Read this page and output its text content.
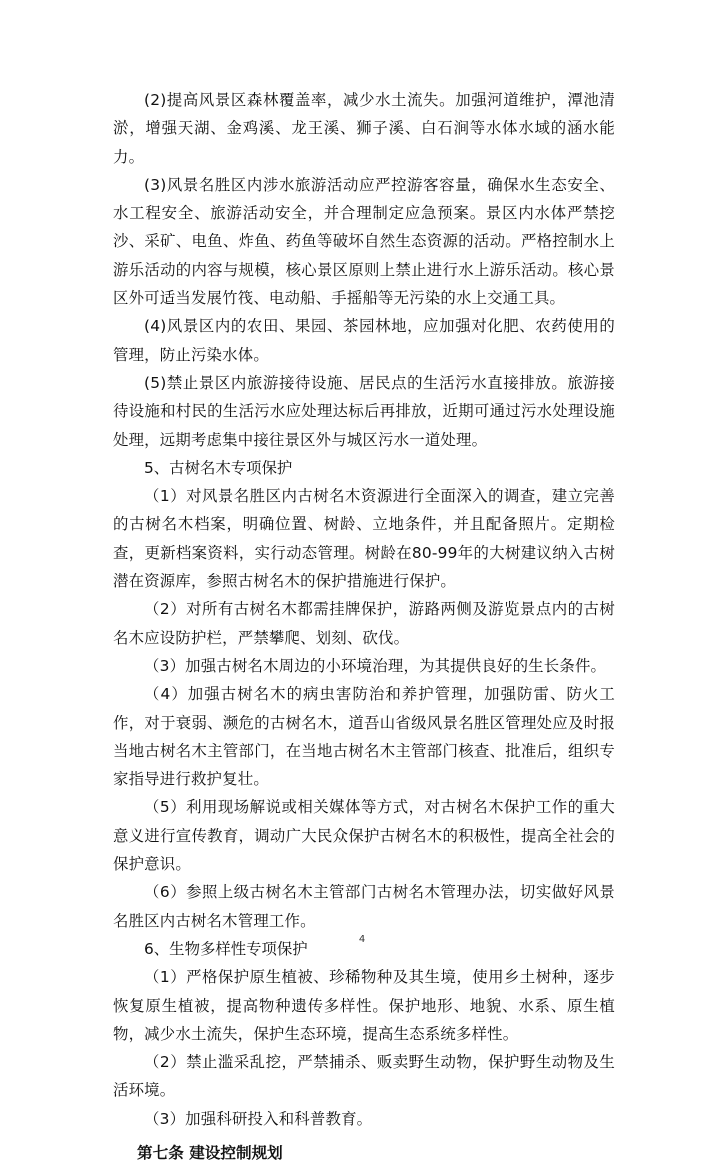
(2)提高风景区森林覆盖率，减少水土流失。加强河道维护，潭池清淤，增强天湖、金鸡溪、龙王溪、狮子溪、白石涧等水体水域的涵水能力。

(3)风景名胜区内涉水旅游活动应严控游客容量，确保水生态安全、水工程安全、旅游活动安全，并合理制定应急预案。景区内水体严禁挖沙、采矿、电鱼、炸鱼、药鱼等破坏自然生态资源的活动。严格控制水上游乐活动的内容与规模，核心景区原则上禁止进行水上游乐活动。核心景区外可适当发展竹筏、电动船、手摇船等无污染的水上交通工具。

(4)风景区内的农田、果园、茶园林地，应加强对化肥、农药使用的管理，防止污染水体。

(5)禁止景区内旅游接待设施、居民点的生活污水直接排放。旅游接待设施和村民的生活污水应处理达标后再排放，近期可通过污水处理设施处理，远期考虑集中接往景区外与城区污水一道处理。

5、古树名木专项保护

（1）对风景名胜区内古树名木资源进行全面深入的调查，建立完善的古树名木档案，明确位置、树龄、立地条件，并且配备照片。定期检查，更新档案资料，实行动态管理。树龄在80-99年的大树建议纳入古树潜在资源库，参照古树名木的保护措施进行保护。

（2）对所有古树名木都需挂牌保护，游路两侧及游览景点内的古树名木应设防护栏，严禁攀爬、划刻、砍伐。

（3）加强古树名木周边的小环境治理，为其提供良好的生长条件。

（4）加强古树名木的病虫害防治和养护管理，加强防雷、防火工作，对于衰弱、濒危的古树名木，道吾山省级风景名胜区管理处应及时报当地古树名木主管部门，在当地古树名木主管部门核查、批准后，组织专家指导进行救护复壮。

（5）利用现场解说或相关媒体等方式，对古树名木保护工作的重大意义进行宣传教育，调动广大民众保护古树名木的积极性，提高全社会的保护意识。

（6）参照上级古树名木主管部门古树名木管理办法，切实做好风景名胜区内古树名木管理工作。

6、生物多样性专项保护

（1）严格保护原生植被、珍稀物种及其生境，使用乡土树种，逐步恢复原生植被，提高物种遗传多样性。保护地形、地貌、水系、原生植物，减少水土流失，保护生态环境，提高生态系统多样性。

（2）禁止滥采乱挖，严禁捕杀、贩卖野生动物，保护野生动物及生活环境。

（3）加强科研投入和科普教育。

第七条 建设控制规划

4
